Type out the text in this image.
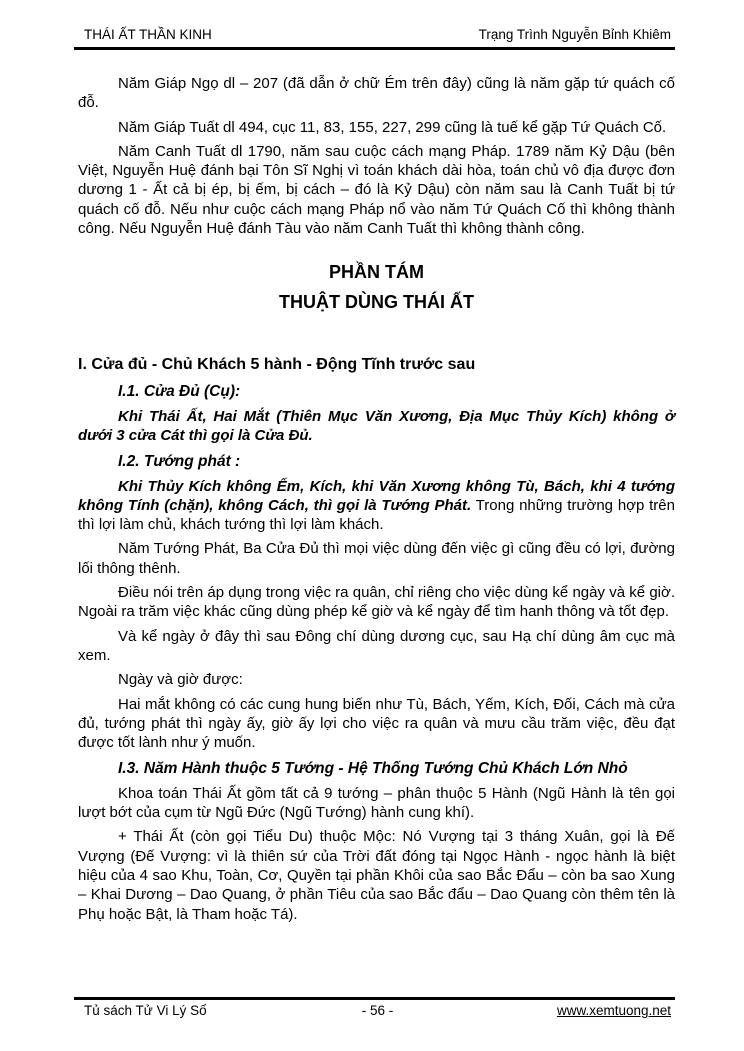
THÁI ẤT THẦN KINH	Trạng Trình Nguyễn Bỉnh Khiêm

Năm Giáp Ngọ dl – 207 (đã dẫn ở chữ Ém trên đây) cũng là năm gặp tứ quách cố đỗ.

Năm Giáp Tuất dl 494, cục 11, 83, 155, 227, 299 cũng là tuế kể gặp Tứ Quách Cố.

Năm Canh Tuất dl 1790, năm sau cuộc cách mạng Pháp. 1789 năm Kỷ Dậu (bên Việt, Nguyễn Huệ đánh bại Tôn Sĩ Nghị vì toán khách dài hòa, toán chủ vô địa được đơn dương 1 - Ất cả bị ép, bị ếm, bị cách – đó là Kỷ Dậu) còn năm sau là Canh Tuất bị tứ quách cố đỗ. Nếu như cuộc cách mạng Pháp nổ vào năm Tứ Quách Cố thì không thành công. Nếu Nguyễn Huệ đánh Tàu vào năm Canh Tuất thì không thành công.

PHẦN TÁM
THUẬT DÙNG THÁI ẤT
I. Cửa đủ - Chủ Khách 5 hành - Động Tĩnh trước sau
I.1. Cửa Đủ (Cụ):

Khi Thái Ất, Hai Mắt (Thiên Mục Văn Xương, Địa Mục Thủy Kích) không ở dưới 3 cửa Cát thì gọi là Cửa Đủ.

I.2. Tướng phát :

Khi Thủy Kích không Ếm, Kích, khi Văn Xương không Tù, Bách, khi 4 tướng không Tính (chặn), không Cách, thì gọi là Tướng Phát. Trong những trường hợp trên thì lợi làm chủ, khách tướng thì lợi làm khách.

Năm Tướng Phát, Ba Cửa Đủ thì mọi việc dùng đến việc gì cũng đều có lợi, đường lối thông thênh.

Điều nói trên áp dụng trong việc ra quân, chỉ riêng cho việc dùng kể ngày và kể giờ. Ngoài ra trăm việc khác cũng dùng phép kể giờ và kể ngày để tìm hanh thông và tốt đẹp.

Và kể ngày ở đây thì sau Đông chí dùng dương cục, sau Hạ chí dùng âm cục mà xem.

Ngày và giờ được:

Hai mắt không có các cung hung biến như Tù, Bách, Yếm, Kích, Đối, Cách mà cửa đủ, tướng phát thì ngày ấy, giờ ấy lợi cho việc ra quân và mưu cầu trăm việc, đều đạt được tốt lành như ý muốn.

I.3. Năm Hành thuộc 5 Tướng - Hệ Thống Tướng Chủ Khách Lớn Nhỏ

Khoa toán Thái Ất gồm tất cả 9 tướng – phân thuộc 5 Hành (Ngũ Hành là tên gọi lượt bớt của cụm từ Ngũ Đức (Ngũ Tướng) hành cung khí).

+ Thái Ất (còn gọi Tiểu Du) thuộc Mộc: Nó Vượng tại 3 tháng Xuân, gọi là Đế Vượng (Đế Vượng: vì là thiên sứ của Trời đất đóng tại Ngọc Hành - ngọc hành là biệt hiệu của 4 sao Khu, Toàn, Cơ, Quyền tại phần Khôi của sao Bắc Đẩu – còn ba sao Xung – Khai Dương – Dao Quang, ở phần Tiêu của sao Bắc đẩu – Dao Quang còn thêm tên là Phụ hoặc Bật, là Tham hoặc Tá).

Tủ sách Tử Vi Lý Số	- 56 -	www.xemtuong.net
